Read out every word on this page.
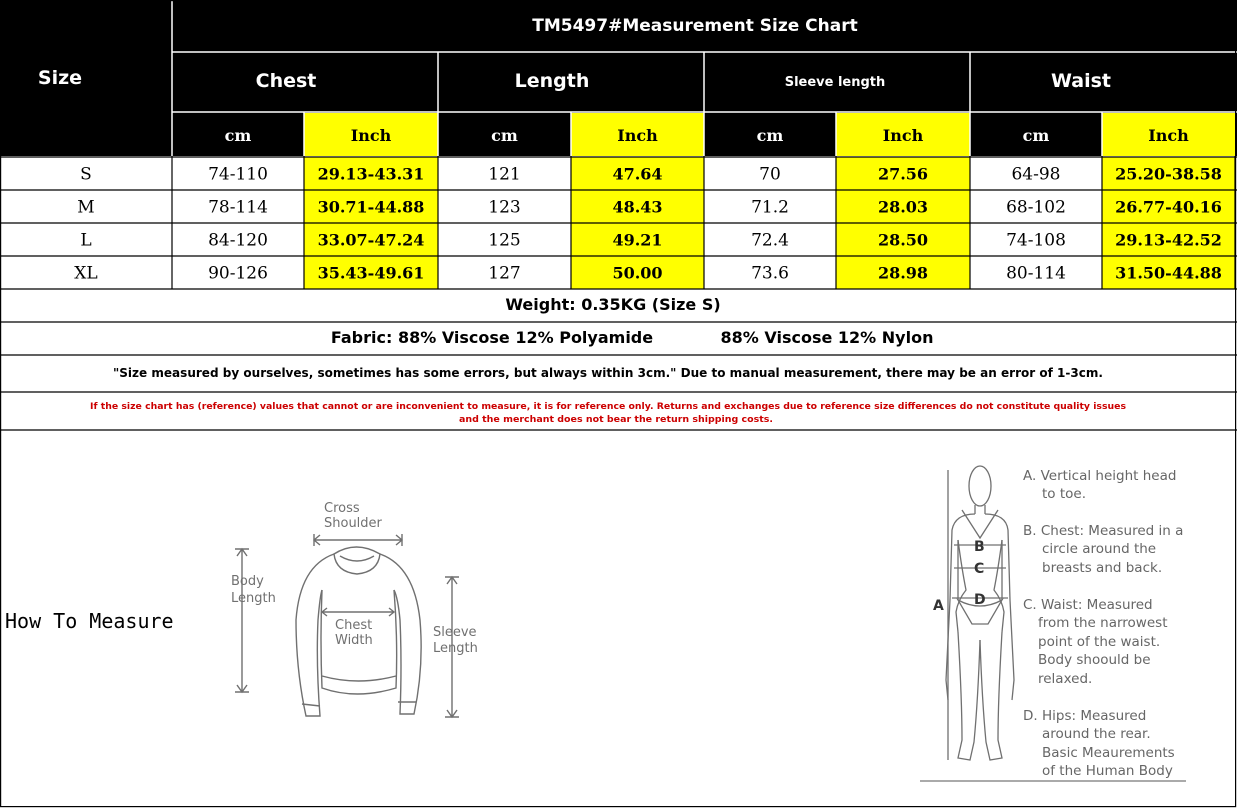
TM5497#Measurement Size Chart
Size	Chest	Length	Sleeve length	Waist
cm	Inch	cm	Inch	cm	Inch	cm	Inch
S	74-110	29.13-43.31	121	47.64	70	27.56	64-98	25.20-38.58
M	78-114	30.71-44.88	123	48.43	71.2	28.03	68-102	26.77-40.16
L	84-120	33.07-47.24	125	49.21	72.4	28.50	74-108	29.13-42.52
XL	90-126	35.43-49.61	127	50.00	73.6	28.98	80-114	31.50-44.88
Weight: 0.35KG (Size S)
Fabric: 88% Viscose 12% Polyamide	88% Viscose 12% Nylon
"Size measured by ourselves, sometimes has some errors, but always within 3cm." Due to manual measurement, there may be an error of 1-3cm.
If the size chart has (reference) values that cannot or are inconvenient to measure, it is for reference only. Returns and exchanges due to reference size differences do not constitute quality issues
and the merchant does not bear the return shipping costs.
How To Measure
Cross
Shoulder
Body
Length
Chest
Width
Sleeve
Length
A
B
C
D
A. Vertical height head
to toe.
B. Chest: Measured in a
circle around the
breasts and back.
C. Waist: Measured
from the narrowest
point of the waist.
Body shoould be
relaxed.
D. Hips: Measured
around the rear.
Basic Meaurements
of the Human Body
